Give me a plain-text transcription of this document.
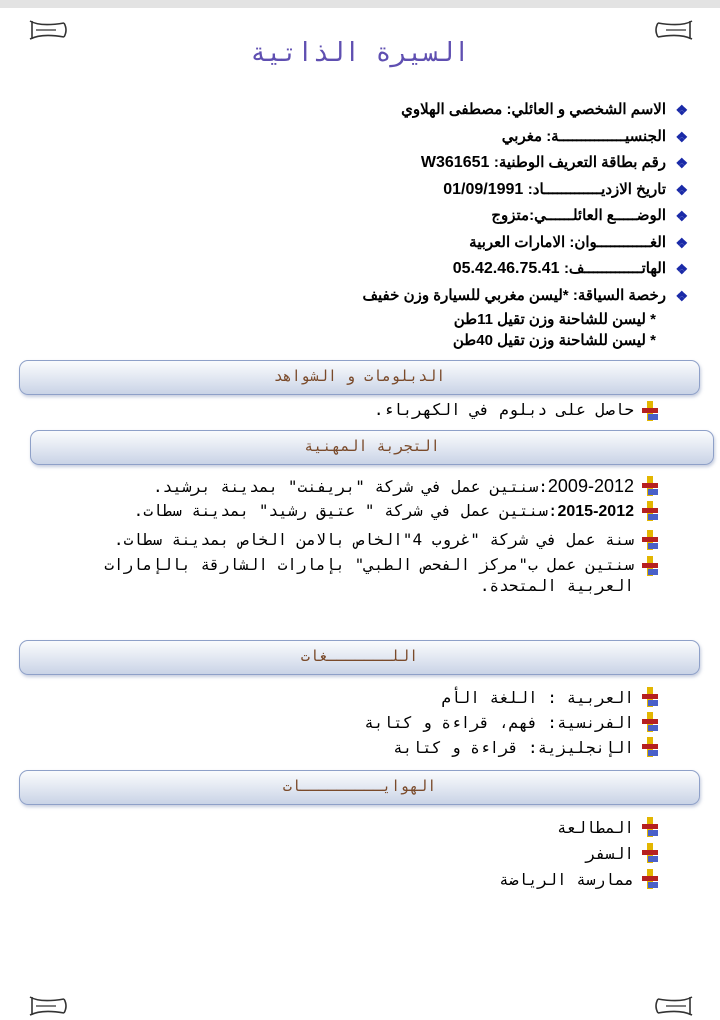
السيرة الذاتية
❖
الاسم الشخصي و العائلي: مصطفى الهلاوي
❖
الجنسيـــــــــــــــة: مغربي
❖
رقم بطاقة التعريف الوطنية: W361651
❖
تاريخ الازديـــــــــــــاد: 01/09/1991
❖
الوضـــــع العائلــــــي:متزوج
❖
الغــــــــــــوان: الامارات العربية
❖
الهاتـــــــــــــف: 05.42.46.75.41
❖
رخصة السياقة: *ليسن مغربي للسيارة وزن خفيف
* ليسن للشاحنة وزن تقيل 11طن
* ليسن للشاحنة وزن تقيل 40طن
الدبلومات و الشواهد
حاصل على دبلوم في الكهرباء.
التجربة المهنية
2009-2012:سنتين عمل في شركة "بريفنت" بمدينة برشيد.
2015-2012:سنتين عمل في شركة " عتيق رشيد" بمدينة سطات.
سنة عمل في شركة "غروب 4"الخاص بالامن الخاص بمدينة سطات.
سنتين عمل ب"مركز الفحص الطبي" بإمارات الشارقة بالإمارات العربية المتحدة.
اللـــــــغات
العربية : اللغة الأم
الفرنسية: فهم، قراءة و كتابة
الإنجليزية: قراءة و كتابة
الهوايـــــــــات
المطالعة
السفر
ممارسة الرياضة
